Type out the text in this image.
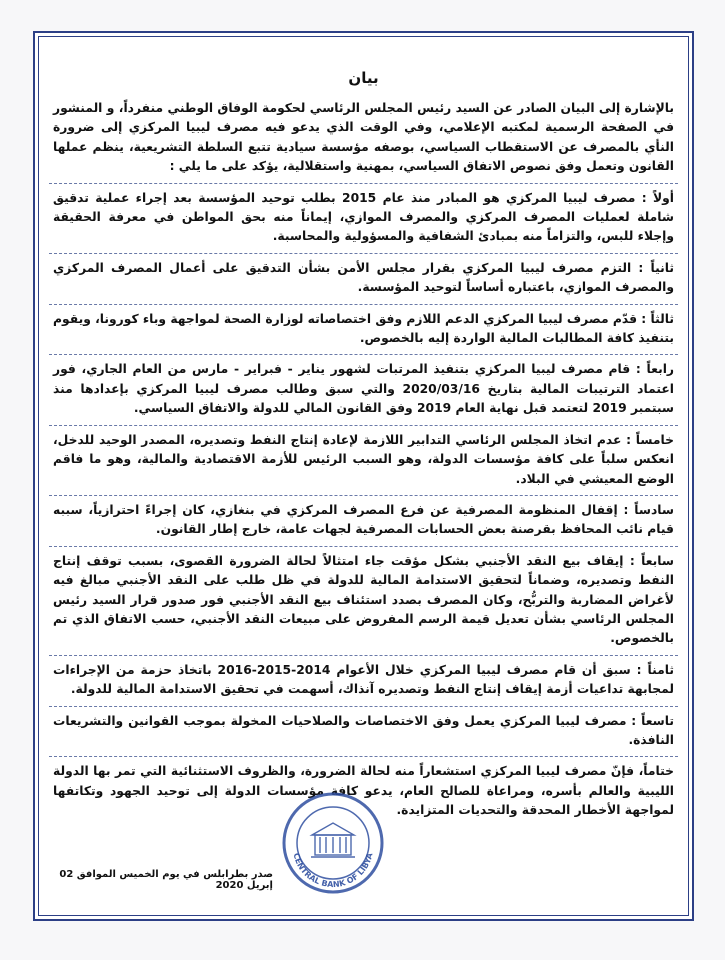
بيان

بالإشارة إلى البيان الصادر عن السيد رئيس المجلس الرئاسي لحكومة الوفاق الوطني منفرداً، و المنشور في الصفحة الرسمية لمكتبه الإعلامي، وفي الوقت الذي يدعو فيه مصرف ليبيا المركزي إلى ضرورة النأي بالمصرف عن الاستقطاب السياسي، بوصفه مؤسسة سيادية تتبع السلطة التشريعية، ينظم عملها القانون وتعمل وفق نصوص الاتفاق السياسي، بمهنية واستقلالية، يؤكد على ما يلي :

أولاً : مصرف ليبيا المركزي هو المبادر منذ عام 2015 بطلب توحيد المؤسسة بعد إجراء عملية تدقيق شاملة لعمليات المصرف المركزي والمصرف الموازي، إيماناً منه بحق المواطن في معرفة الحقيقة وإجلاء للبس، والتزاماً منه بمبادئ الشفافية والمسؤولية والمحاسبة.

ثانياً : التزم مصرف ليبيا المركزي بقرار مجلس الأمن بشأن التدقيق على أعمال المصرف المركزي والمصرف الموازي، باعتباره أساساً لتوحيد المؤسسة.

ثالثاً : قدّم مصرف ليبيا المركزي الدعم اللازم وفق اختصاصاته لوزارة الصحة لمواجهة وباء كورونا، ويقوم بتنفيذ كافة المطالبات المالية الواردة إليه بالخصوص.

رابعاً : قام مصرف ليبيا المركزي بتنفيذ المرتبات لشهور يناير - فبراير - مارس من العام الجاري، فور اعتماد الترتيبات المالية بتاريخ 2020/03/16 والتي سبق وطالب مصرف ليبيا المركزي بإعدادها منذ سبتمبر 2019 لتعتمد قبل نهاية العام 2019 وفق القانون المالي للدولة والاتفاق السياسي.

خامساً : عدم اتخاذ المجلس الرئاسي التدابير اللازمة لإعادة إنتاج النفط وتصديره، المصدر الوحيد للدخل، انعكس سلباً على كافة مؤسسات الدولة، وهو السبب الرئيس للأزمة الاقتصادية والمالية، وهو ما فاقم الوضع المعيشي في البلاد.

سادساً : إقفال المنظومة المصرفية عن فرع المصرف المركزي في بنغازي، كان إجراءً احترازياً، سببه قيام نائب المحافظ بقرصنة بعض الحسابات المصرفية لجهات عامة، خارج إطار القانون.

سابعاً : إيقاف بيع النقد الأجنبي بشكل مؤقت جاء امتثالاً لحالة الضرورة القصوى، بسبب توقف إنتاج النفط وتصديره، وضماناً لتحقيق الاستدامة المالية للدولة في ظل طلب على النقد الأجنبي مبالغ فيه لأغراض المضاربة والتربُّح، وكان المصرف بصدد استئناف بيع النقد الأجنبي فور صدور قرار السيد رئيس المجلس الرئاسي بشأن تعديل قيمة الرسم المفروض على مبيعات النقد الأجنبي، حسب الاتفاق الذي تم بالخصوص.

ثامناً : سبق أن قام مصرف ليبيا المركزي خلال الأعوام 2014-2015-2016 باتخاذ حزمة من الإجراءات لمجابهة تداعيات أزمة إيقاف إنتاج النفط وتصديره آنذاك، أسهمت في تحقيق الاستدامة المالية للدولة.

تاسعاً : مصرف ليبيا المركزي يعمل وفق الاختصاصات والصلاحيات المخولة بموجب القوانين والتشريعات النافذة.

ختاماً، فإنّ مصرف ليبيا المركزي استشعاراً منه لحالة الضرورة، والظروف الاستثنائية التي تمر بها الدولة الليبية والعالم بأسره، ومراعاة للصالح العام، يدعو كافة مؤسسات الدولة إلى توحيد الجهود وتكاتفها لمواجهة الأخطار المحدقة والتحديات المتزايدة.

CENTRAL BANK OF LIBYA
صدر بطرابلس في يوم الخميس الموافق 02 إبريل 2020
